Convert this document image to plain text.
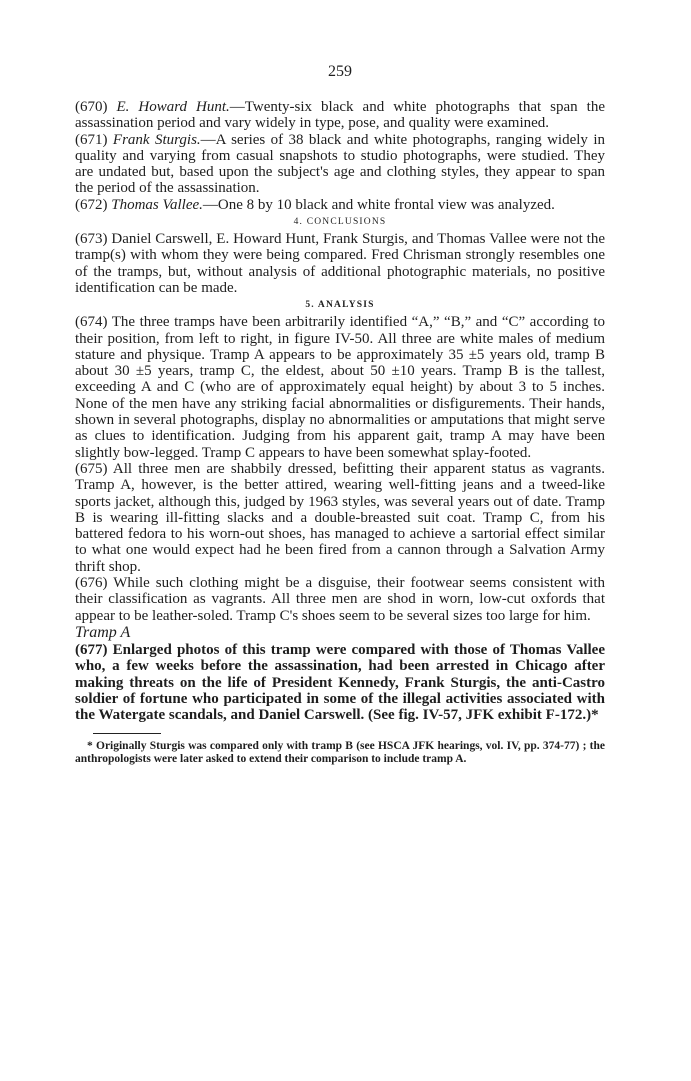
259

(670) E. Howard Hunt.—Twenty-six black and white photographs that span the assassination period and vary widely in type, pose, and quality were examined.

(671) Frank Sturgis.—A series of 38 black and white photographs, ranging widely in quality and varying from casual snapshots to studio photographs, were studied. They are undated but, based upon the subject's age and clothing styles, they appear to span the period of the assassination.

(672) Thomas Vallee.—One 8 by 10 black and white frontal view was analyzed.

4. CONCLUSIONS

(673) Daniel Carswell, E. Howard Hunt, Frank Sturgis, and Thomas Vallee were not the tramp(s) with whom they were being compared. Fred Chrisman strongly resembles one of the tramps, but, without analysis of additional photographic materials, no positive identification can be made.

5. ANALYSIS

(674) The three tramps have been arbitrarily identified “A,” “B,” and “C” according to their position, from left to right, in figure IV-50. All three are white males of medium stature and physique. Tramp A appears to be approximately 35 ±5 years old, tramp B about 30 ±5 years, tramp C, the eldest, about 50 ±10 years. Tramp B is the tallest, exceeding A and C (who are of approximately equal height) by about 3 to 5 inches. None of the men have any striking facial abnormalities or disfigurements. Their hands, shown in several photographs, display no abnormalities or amputations that might serve as clues to identification. Judging from his apparent gait, tramp A may have been slightly bow-legged. Tramp C appears to have been somewhat splay-footed.

(675) All three men are shabbily dressed, befitting their apparent status as vagrants. Tramp A, however, is the better attired, wearing well-fitting jeans and a tweed-like sports jacket, although this, judged by 1963 styles, was several years out of date. Tramp B is wearing ill-fitting slacks and a double-breasted suit coat. Tramp C, from his battered fedora to his worn-out shoes, has managed to achieve a sartorial effect similar to what one would expect had he been fired from a cannon through a Salvation Army thrift shop.

(676) While such clothing might be a disguise, their footwear seems consistent with their classification as vagrants. All three men are shod in worn, low-cut oxfords that appear to be leather-soled. Tramp C's shoes seem to be several sizes too large for him.

Tramp A

(677) Enlarged photos of this tramp were compared with those of Thomas Vallee who, a few weeks before the assassination, had been arrested in Chicago after making threats on the life of President Kennedy, Frank Sturgis, the anti-Castro soldier of fortune who participated in some of the illegal activities associated with the Watergate scandals, and Daniel Carswell. (See fig. IV-57, JFK exhibit F-172.)*

* Originally Sturgis was compared only with tramp B (see HSCA JFK hearings, vol. IV, pp. 374-77) ; the anthropologists were later asked to extend their comparison to include tramp A.
